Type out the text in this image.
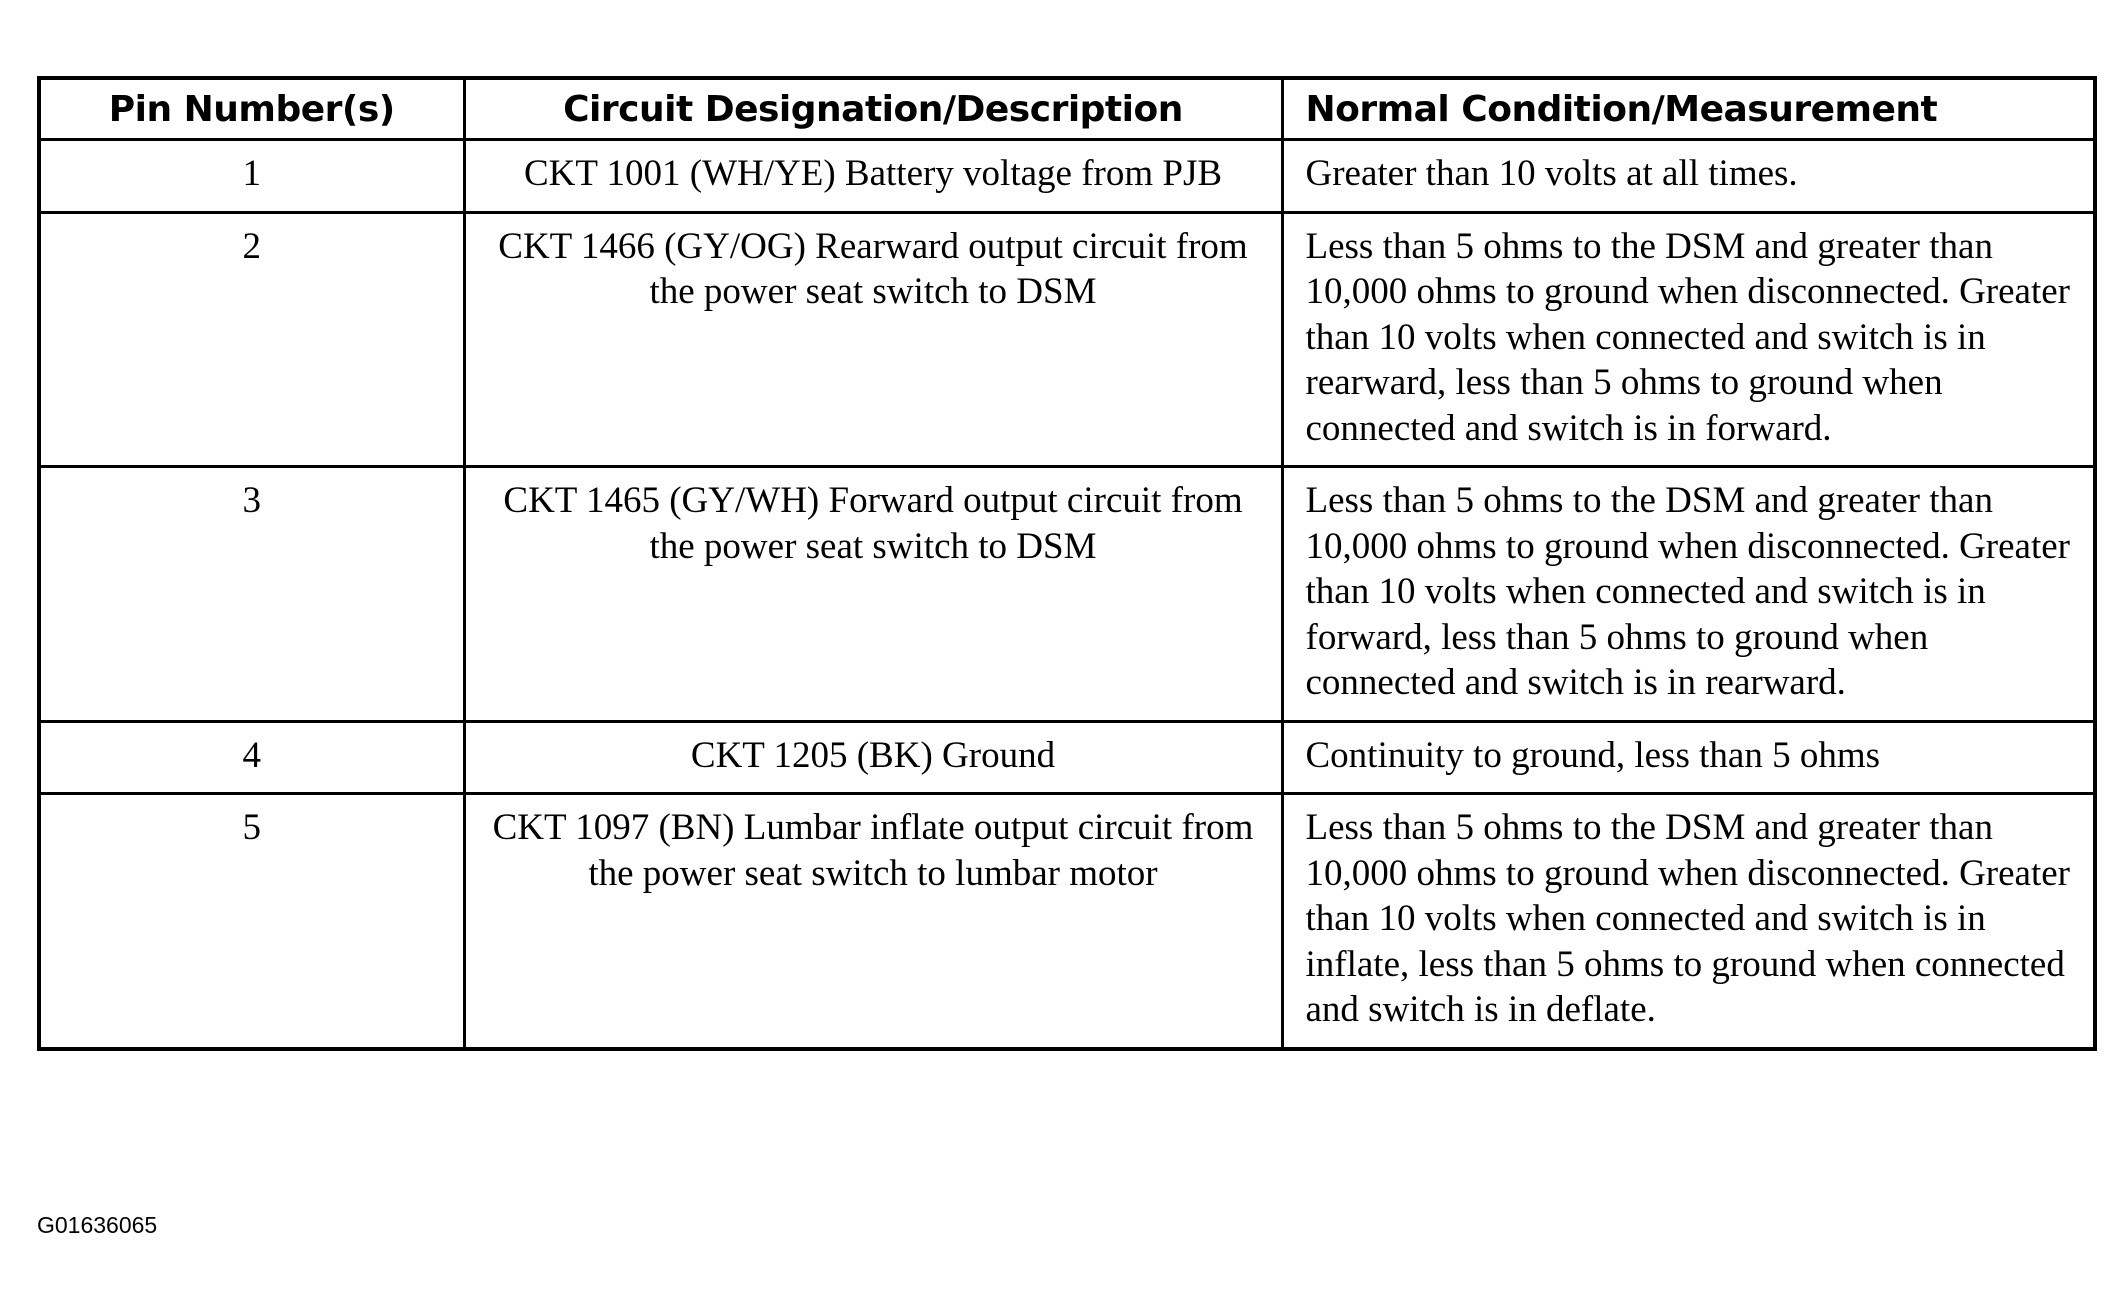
Pin Number(s)	Circuit Designation/Description	Normal Condition/Measurement
1	CKT 1001 (WH/YE) Battery voltage from PJB	Greater than 10 volts at all times.
2	CKT 1466 (GY/OG) Rearward output circuit from the power seat switch to DSM	Less than 5 ohms to the DSM and greater than 10,000 ohms to ground when disconnected. Greater than 10 volts when connected and switch is in rearward, less than 5 ohms to ground when connected and switch is in forward.
3	CKT 1465 (GY/WH) Forward output circuit from the power seat switch to DSM	Less than 5 ohms to the DSM and greater than 10,000 ohms to ground when disconnected. Greater than 10 volts when connected and switch is in forward, less than 5 ohms to ground when connected and switch is in rearward.
4	CKT 1205 (BK) Ground	Continuity to ground, less than 5 ohms
5	CKT 1097 (BN) Lumbar inflate output circuit from the power seat switch to lumbar motor	Less than 5 ohms to the DSM and greater than 10,000 ohms to ground when disconnected. Greater than 10 volts when connected and switch is in inflate, less than 5 ohms to ground when connected and switch is in deflate.
G01636065
